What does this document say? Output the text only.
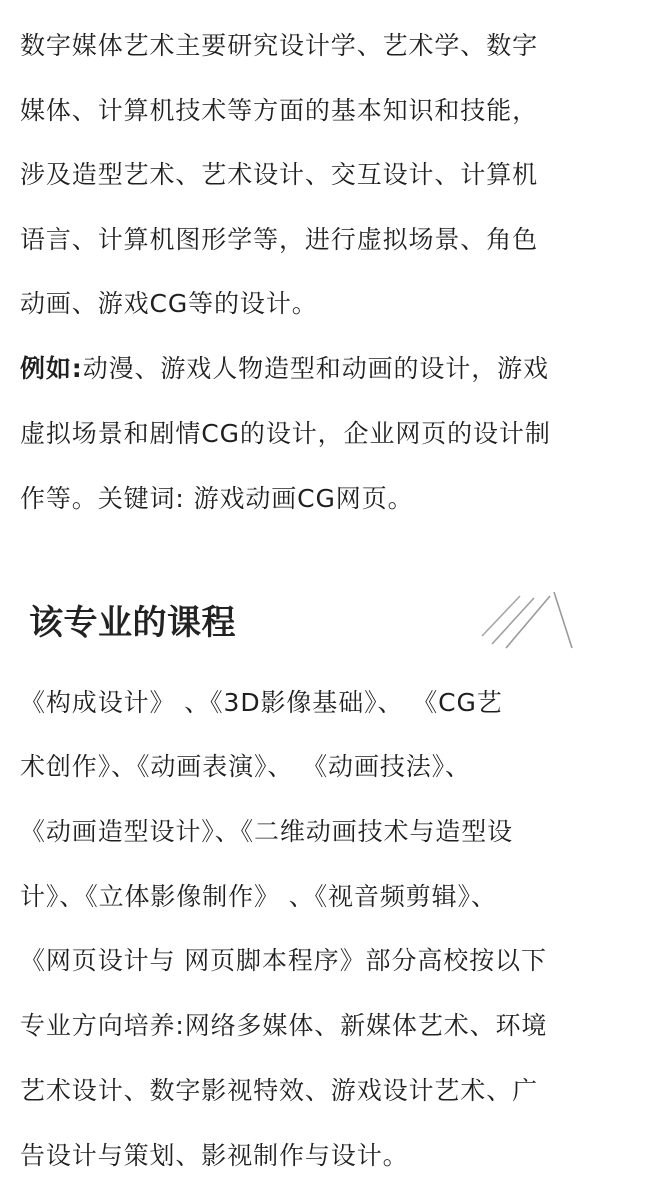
数字媒体艺术主要研究设计学、艺术学、数字
媒体、计算机技术等方面的基本知识和技能，
涉及造型艺术、艺术设计、交互设计、计算机
语言、计算机图形学等，进行虚拟场景、角色
动画、游戏CG等的设计。
例如:动漫、游戏人物造型和动画的设计，游戏
虚拟场景和剧情CG的设计，企业网页的设计制
作等。关键词: 游戏动画CG网页。
该专业的课程
《构成设计》 、《3D影像基础》、 《CG艺
术创作》、《动画表演》、 《动画技法》、
《动画造型设计》、《二维动画技术与造型设
计》、《立体影像制作》 、《视音频剪辑》、
《网页设计与 网页脚本程序》部分高校按以下
专业方向培养:网络多媒体、新媒体艺术、环境
艺术设计、数字影视特效、游戏设计艺术、广
告设计与策划、影视制作与设计。
